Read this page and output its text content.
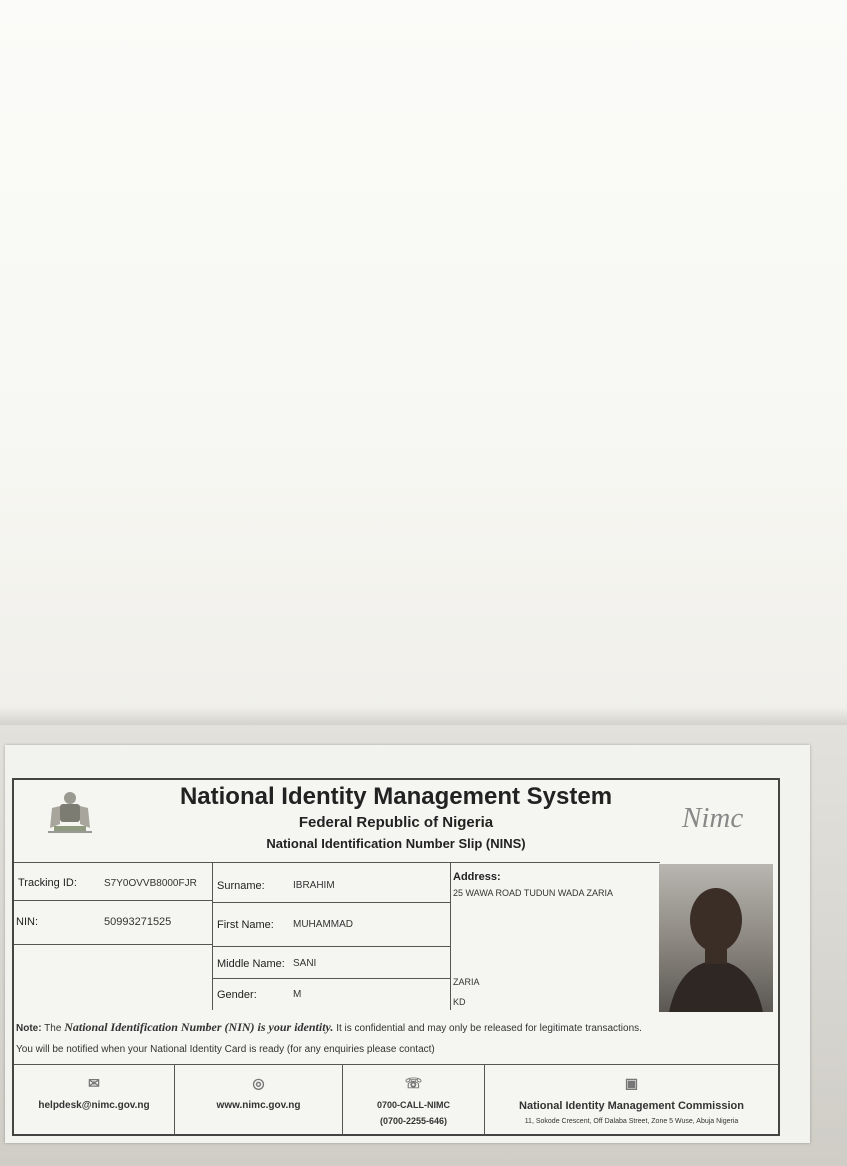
National Identity Management System
Federal Republic of Nigeria
National Identification Number Slip (NINS)
Nimc
Tracking ID:	S7Y0OVVB8000FJR
NIN:	50993271525
Surname:	IBRAHIM
First Name: MUHAMMAD
Middle Name: SANI
Gender:	M
Address:
25 WAWA ROAD TUDUN WADA ZARIA
ZARIA
KD
Note: The National Identification Number (NIN) is your identity. It is confidential and may only be released for legitimate transactions.
You will be notified when your National Identity Card is ready (for any enquiries please contact)
✉
helpdesk@nimc.gov.ng
◎
www.nimc.gov.ng
☏
0700-CALL-NIMC
(0700-2255-646)
▣
National Identity Management Commission
11, Sokode Crescent, Off Dalaba Street, Zone 5 Wuse, Abuja Nigeria
